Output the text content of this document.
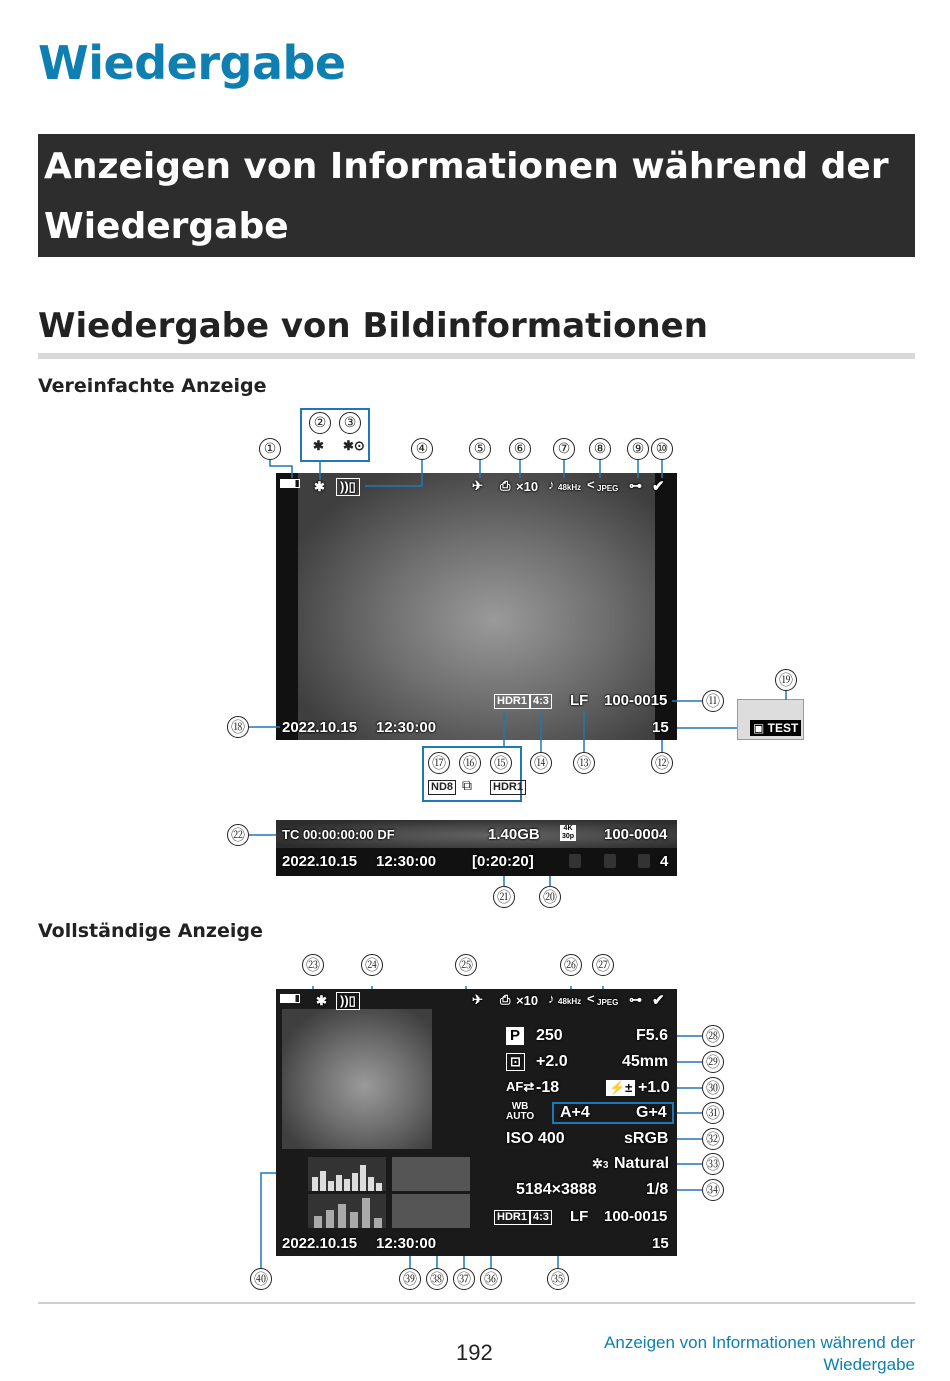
Wiedergabe
Anzeigen von Informationen während der
Wiedergabe
Wiedergabe von Bildinformationen
Vereinfachte Anzeige
✱	))▯	✈ ⎙ ×10 ♪ 48kHz < JPEG ⊶ ✔
HDR1 4:3 LF 100-0015
2022.10.15 12:30:00	15	▣ TEST
✱ ✱⊙
ND8 ⧉ HDR1
①
②	③
④	⑤	⑥	⑦	⑧	⑨ ⑩
⑪
⑫
⑬
⑭
⑮
⑯
⑰
⑱
⑲
TC 00:00:00:00 DF	1.40GB	4K
30p 100-0004
2022.10.15 12:30:00 [0:20:20]	4
㉒
㉑ ⑳
Vollständige Anzeige
✱	))▯	✈ ⎙ ×10 ♪ 48kHz < JPEG ⊶ ✔
P 250	F5.6
⊡ +2.0	45mm
AF⇄ -18	⚡± +1.0
WB
AUTO A+4	G+4
ISO 400	sRGB
✲3 Natural
5184×3888	1/8
HDR1 4:3 LF 100-0015
2022.10.15 12:30:00	15
㉓	㉔	㉕	㉖ ㉗
㉘
㉙
㉚
㉛
㉜
㉝
㉞
㉟
㊱
㊲
㊳
㊴
㊵
192	Anzeigen von Informationen während der
Wiedergabe
